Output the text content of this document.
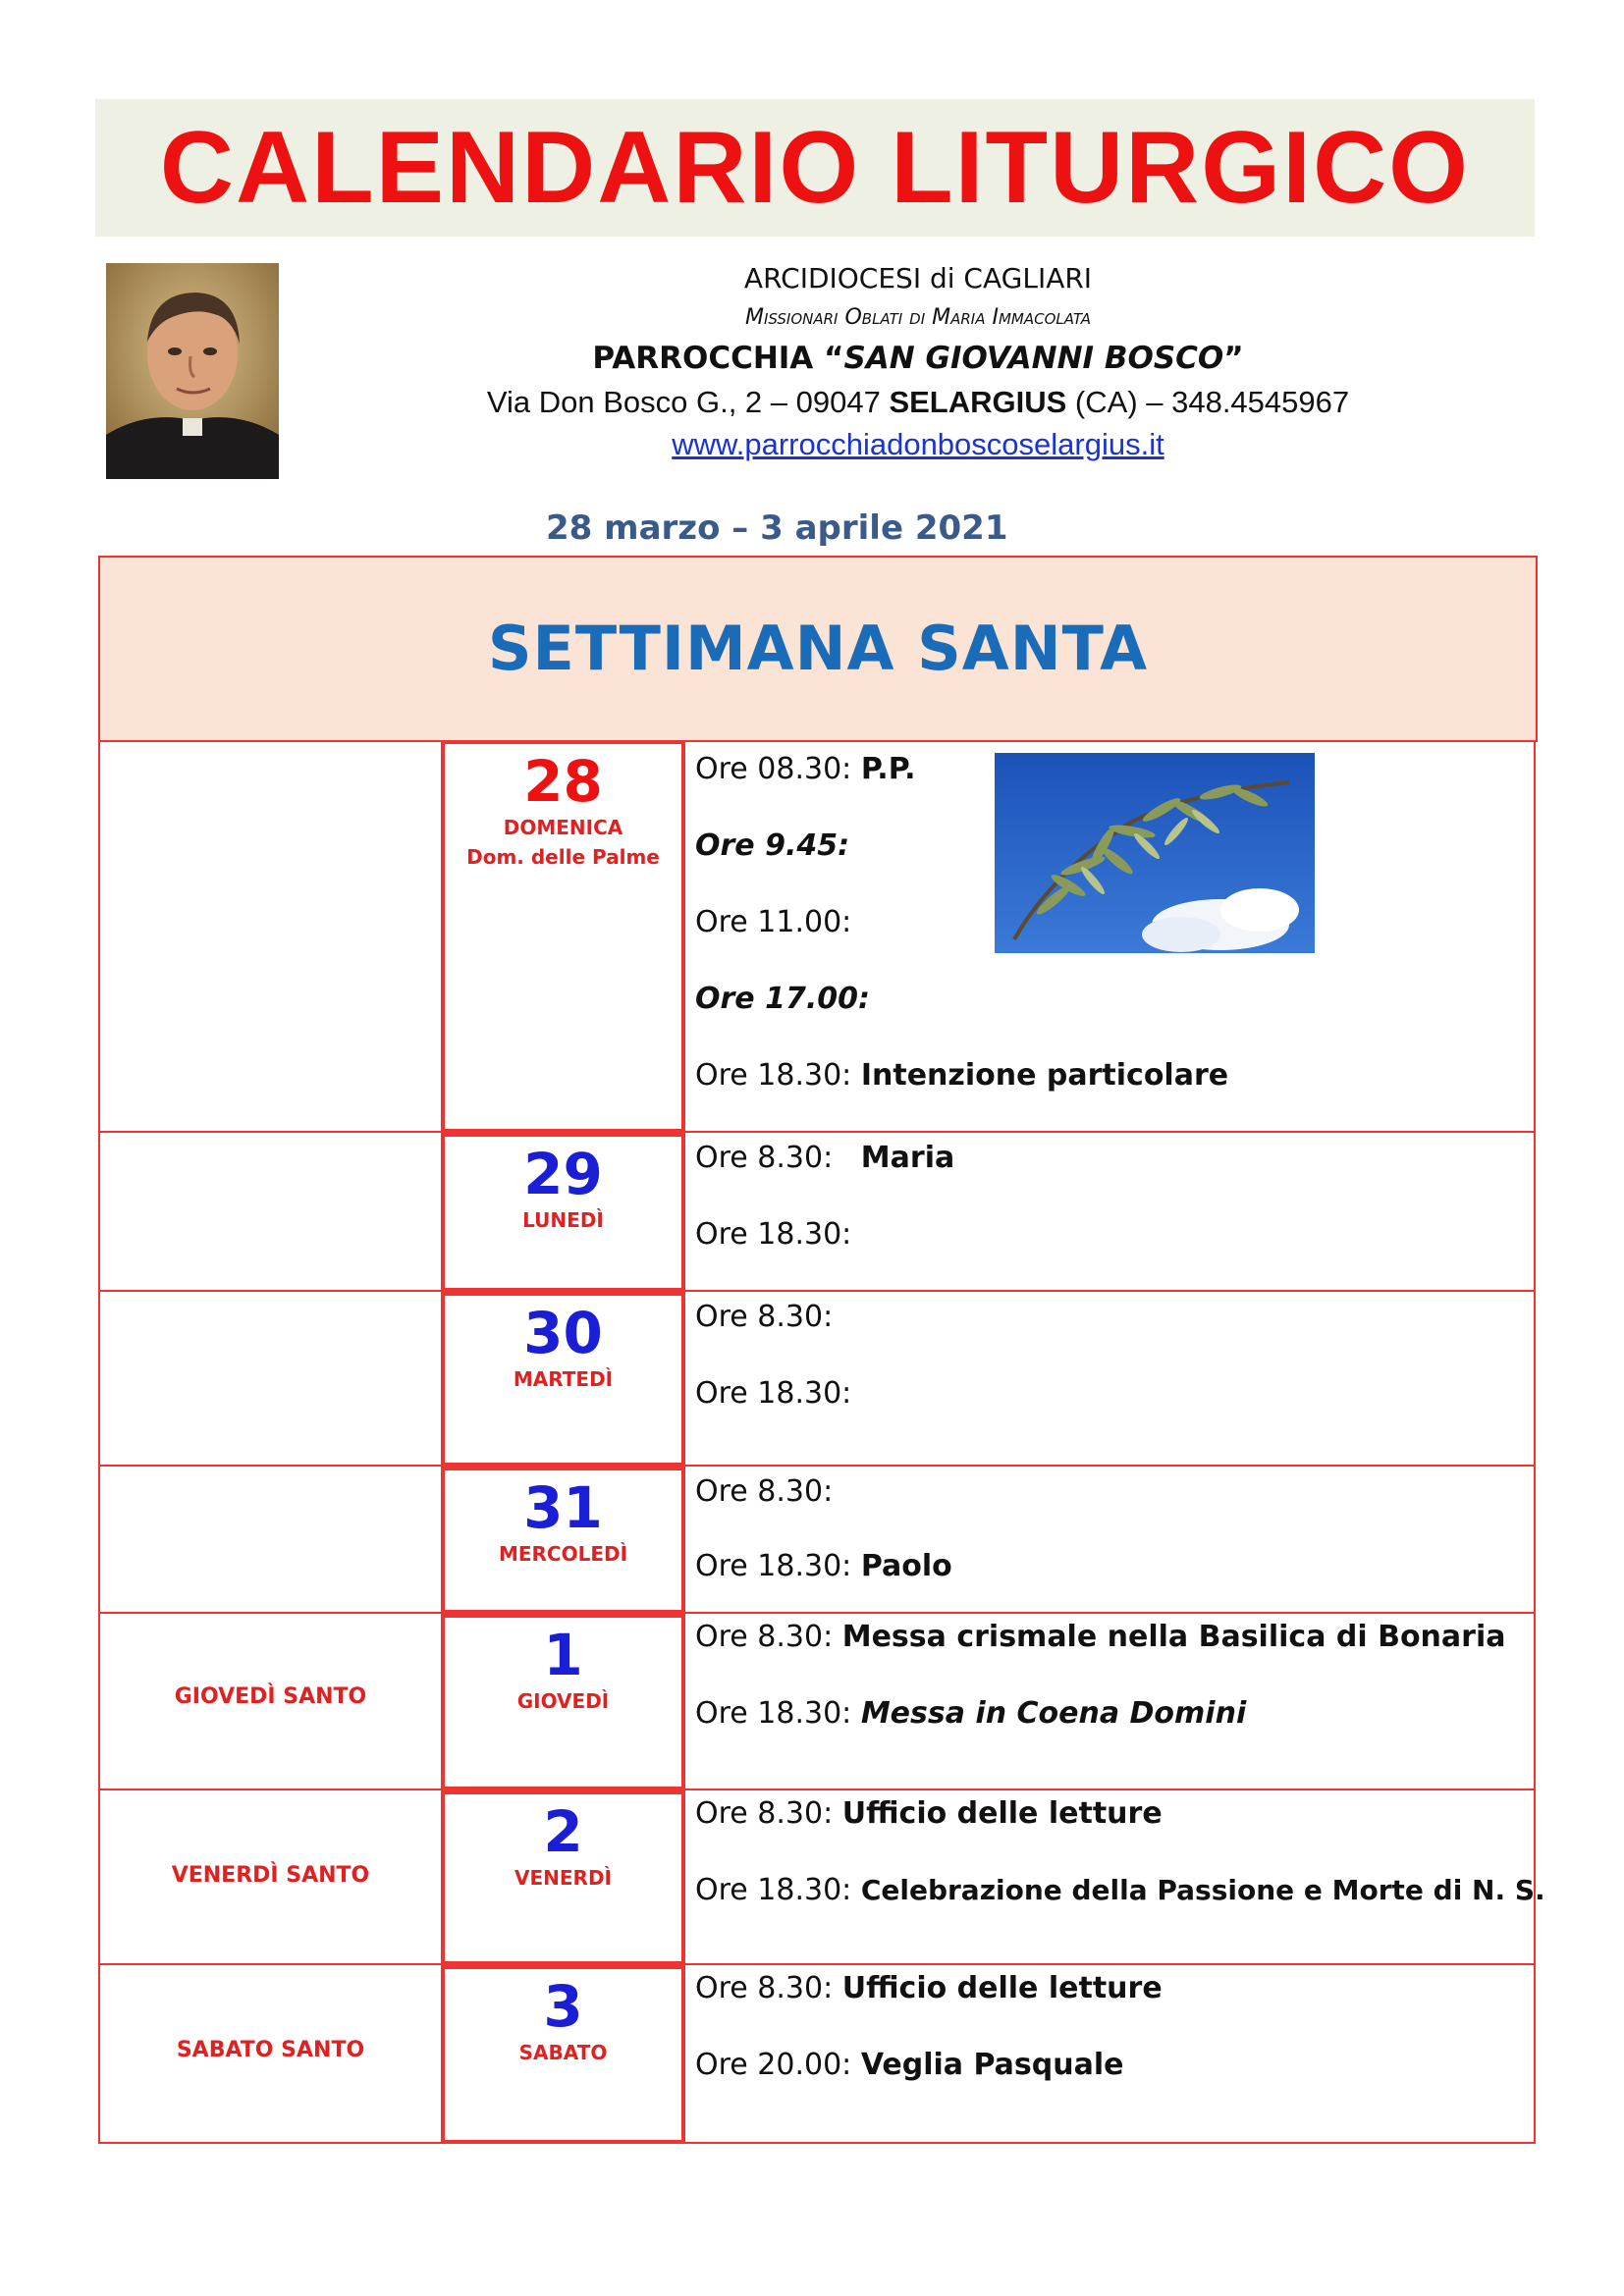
CALENDARIO LITURGICO
ARCIDIOCESI di CAGLIARI
Missionari Oblati di Maria Immacolata
PARROCCHIA “SAN GIOVANNI BOSCO”
Via Don Bosco G., 2 – 09047 SELARGIUS (CA) – 348.4545967
www.parrocchiadonboscoselargius.it
28 marzo – 3 aprile 2021
SETTIMANA SANTA
28
DOMENICA
Dom. delle Palme
Ore 08.30: P.P.
Ore 9.45:
Ore 11.00:
Ore 17.00:
Ore 18.30: Intenzione particolare
29
LUNEDÌ
Ore 8.30: Maria
Ore 18.30:
30
MARTEDÌ
Ore 8.30:
Ore 18.30:
31
MERCOLEDÌ
Ore 8.30:
Ore 18.30: Paolo
GIOVEDÌ SANTO
1
GIOVEDÌ
Ore 8.30: Messa crismale nella Basilica di Bonaria
Ore 18.30: Messa in Coena Domini
VENERDÌ SANTO
2
VENERDÌ
Ore 8.30: Ufficio delle letture
Ore 18.30: Celebrazione della Passione e Morte di N. S.
SABATO SANTO
3
SABATO
Ore 8.30: Ufficio delle letture
Ore 20.00: Veglia Pasquale
